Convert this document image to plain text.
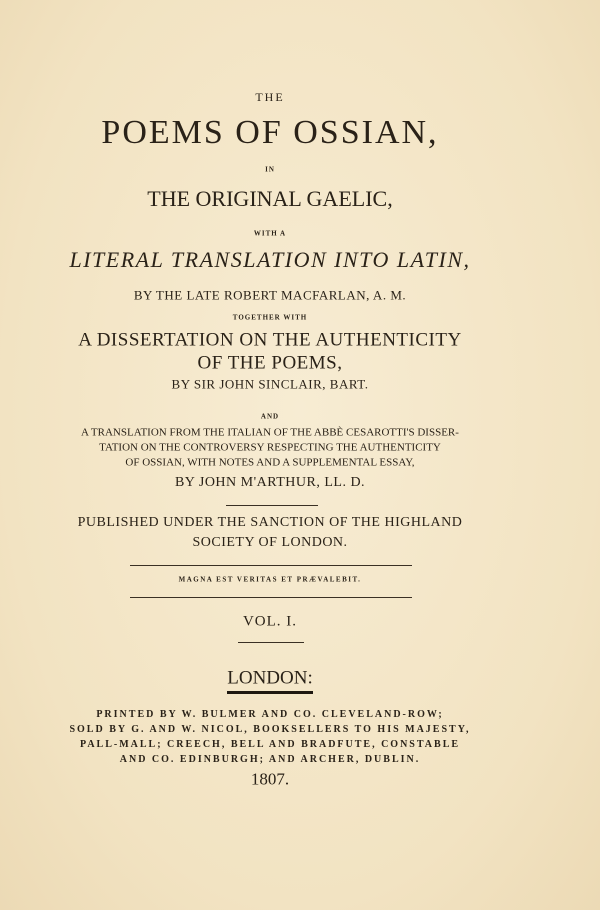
THE
POEMS OF OSSIAN,
IN
THE ORIGINAL GAELIC,
WITH A
LITERAL TRANSLATION INTO LATIN,
BY THE LATE ROBERT MACFARLAN, A. M.
TOGETHER WITH
A DISSERTATION ON THE AUTHENTICITY
OF THE POEMS,
BY SIR JOHN SINCLAIR, BART.
AND
A TRANSLATION FROM THE ITALIAN OF THE ABBÈ CESAROTTI'S DISSER-
TATION ON THE CONTROVERSY RESPECTING THE AUTHENTICITY
OF OSSIAN, WITH NOTES AND A SUPPLEMENTAL ESSAY,
BY JOHN M'ARTHUR, LL. D.
PUBLISHED UNDER THE SANCTION OF THE HIGHLAND
SOCIETY OF LONDON.
MAGNA EST VERITAS ET PRÆVALEBIT.
VOL. I.
LONDON:
PRINTED BY W. BULMER AND CO. CLEVELAND-ROW;
SOLD BY G. AND W. NICOL, BOOKSELLERS TO HIS MAJESTY,
PALL-MALL; CREECH, BELL AND BRADFUTE, CONSTABLE
AND CO. EDINBURGH; AND ARCHER, DUBLIN.
1807.
